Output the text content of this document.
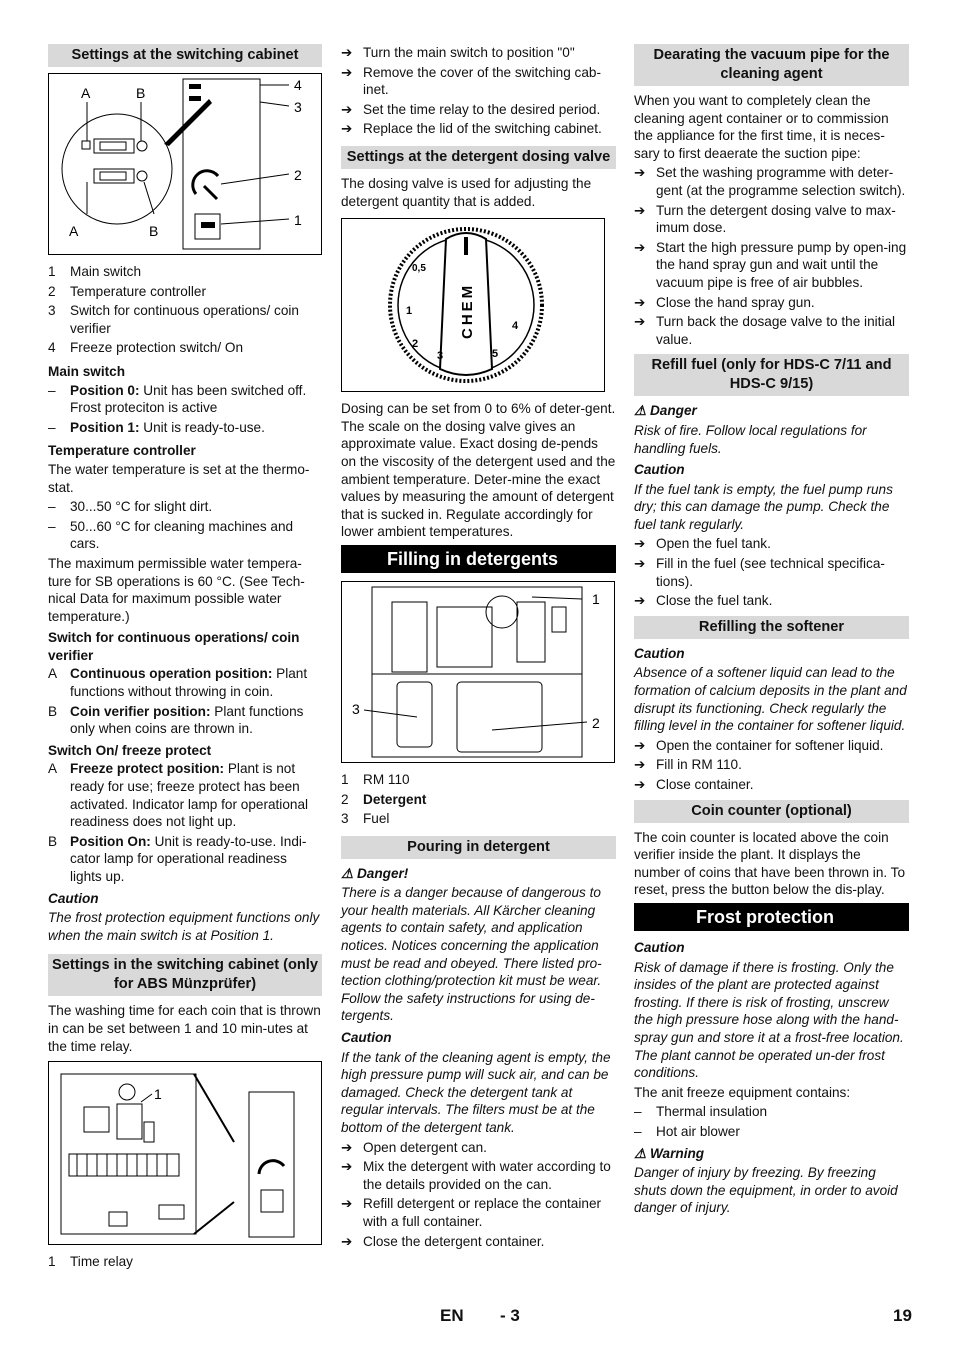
Settings at the switching cabinet
A	B
A	B
4
3
2
1
1 Main switch
2 Temperature controller
3 Switch for continuous operations/ coin verifier
4 Freeze protection switch/ On
Main switch
– Position 0: Unit has been switched off. Frost proteciton is active
– Position 1: Unit is ready-to-use.
Temperature controller

The water temperature is set at the thermo-stat.

– 30...50 °C for slight dirt.
– 50...60 °C for cleaning machines and cars.

The maximum permissible water tempera-ture for SB operations is 60 °C. (See Tech-nical Data for maximum possible water temperature.)

Switch for continuous operations/ coin verifier
A Continuous operation position: Plant functions without throwing in coin.
B Coin verifier position: Plant functions only when coins are thrown in.
Switch On/ freeze protect
A Freeze protect position: Plant is not ready for use; freeze protect has been activated. Indicator lamp for operational readiness does not light up.
B Position On: Unit is ready-to-use. Indi-cator lamp for operational readiness lights up.
Caution

The frost protection equipment functions only when the main switch is at Position 1.

Settings in the switching cabinet (only for ABS Münzprüfer)

The washing time for each coin that is thrown in can be set between 1 and 10 min-utes at the time relay.

1
1 Time relay
➔ Turn the main switch to position "0"
➔ Remove the cover of the switching cab-inet.
➔ Set the time relay to the desired period.
➔ Replace the lid of the switching cabinet.
Settings at the detergent dosing valve

The dosing valve is used for adjusting the detergent quantity that is added.

CHEM
0,5
1
2
3	5
4

Dosing can be set from 0 to 6% of deter-gent. The scale on the dosing valve gives an approximate value. Exact dosing de-pends on the viscosity of the detergent used and the ambient temperature. Deter-mine the exact values by measuring the amount of detergent that is sucked in. Regulate accordingly for lower ambient temperatures.

Filling in detergents
1
3
2
1 RM 110
2 Detergent
3 Fuel
Pouring in detergent
⚠ Danger!

There is a danger because of dangerous to your health materials. All Kärcher cleaning agents to contain safety, and application notices. Notices concerning the application must be read and obeyed. There listed pro-tection clothing/protection kit must be wear. Follow the safety instructions for using de-tergents.

Caution

If the tank of the cleaning agent is empty, the high pressure pump will suck air, and can be damaged. Check the detergent tank at regular intervals. The filters must be at the bottom of the detergent tank.

➔ Open detergent can.
➔ Mix the detergent with water according to the details provided on the can.
➔ Refill detergent or replace the container with a full container.
➔ Close the detergent container.
Dearating the vacuum pipe for the cleaning agent

When you want to completely clean the cleaning agent container or to commission the appliance for the first time, it is neces-sary to first deaerate the suction pipe:

➔ Set the washing programme with deter-gent (at the programme selection switch).
➔ Turn the detergent dosing valve to max-imum dose.
➔ Start the high pressure pump by open-ing the hand spray gun and wait until the vacuum pipe is free of air bubbles.
➔ Close the hand spray gun.
➔ Turn back the dosage valve to the initial value.
Refill fuel (only for HDS-C 7/11 and HDS-C 9/15)
⚠ Danger

Risk of fire. Follow local regulations for handling fuels.

Caution

If the fuel tank is empty, the fuel pump runs dry; this can damage the pump. Check the fuel tank regularly.

➔ Open the fuel tank.
➔ Fill in the fuel (see technical specifica-tions).
➔ Close the fuel tank.
Refilling the softener
Caution

Absence of a softener liquid can lead to the formation of calcium deposits in the plant and disrupt its functioning. Check regularly the filling level in the container for softener liquid.

➔ Open the container for softener liquid.
➔ Fill in RM 110.
➔ Close container.
Coin counter (optional)

The coin counter is located above the coin verifier inside the plant. It displays the number of coins that have been thrown in. To reset, press the button below the dis-play.

Frost protection
Caution

Risk of damage if there is frosting. Only the insides of the plant are protected against frosting. If there is risk of frosting, unscrew the high pressure hose along with the hand-spray gun and store it at a frost-free location. The plant cannot be operated un-der frost conditions.

The anit freeze equipment contains:

– Thermal insulation
– Hot air blower
⚠ Warning

Danger of injury by freezing. By freezing shuts down the equipment, in order to avoid danger of injury.

EN - 3	19
